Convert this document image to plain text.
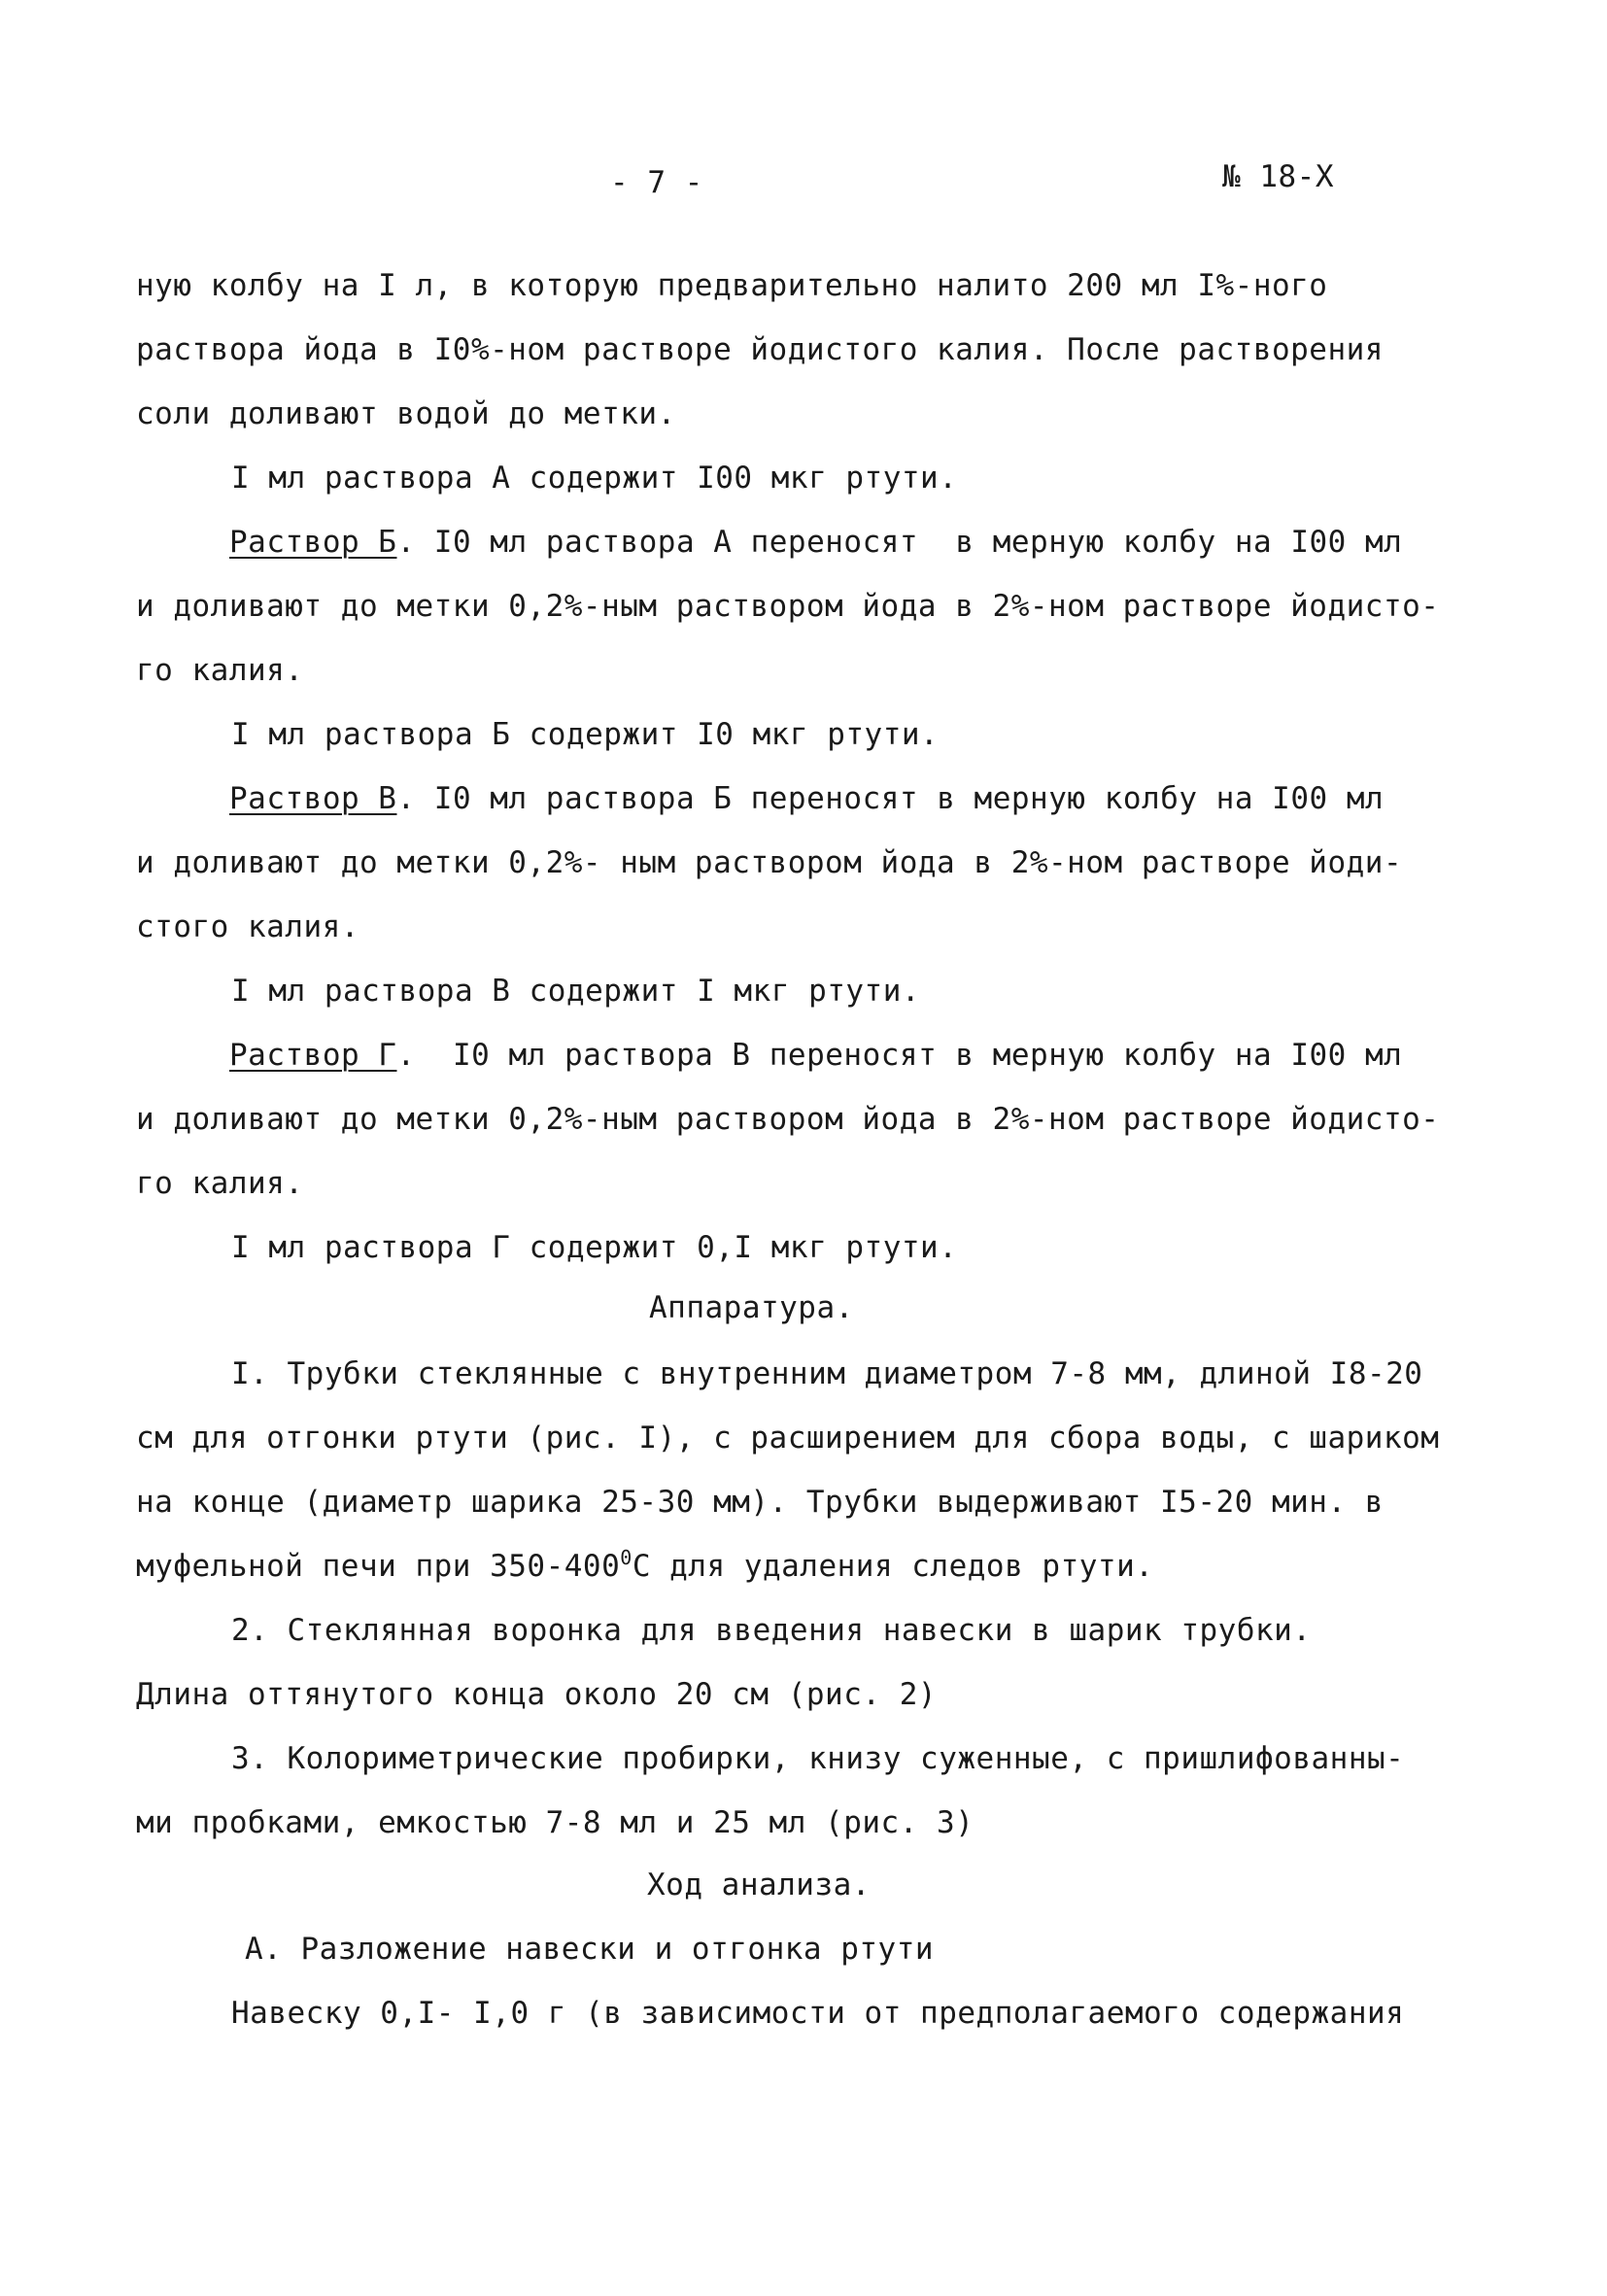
- 7 -	№ 18-Х
ную колбу на I л, в которую предварительно налито 200 мл I%-ного
раствора йода в I0%-ном растворе йодистого калия. После растворения
соли доливают водой до метки.
I мл раствора А содержит I00 мкг ртути.
Раствор Б. I0 мл раствора А переносят  в мерную колбу на I00 мл
и доливают до метки 0,2%-ным раствором йода в 2%-ном растворе йодисто-
го калия.
I мл раствора Б содержит I0 мкг ртути.
Раствор В. I0 мл раствора Б переносят в мерную колбу на I00 мл
и доливают до метки 0,2%- ным раствором йода в 2%-ном растворе йоди-
стого калия.
I мл раствора В содержит I мкг ртути.
Раствор Г.  I0 мл раствора В переносят в мерную колбу на I00 мл
и доливают до метки 0,2%-ным раствором йода в 2%-ном растворе йодисто-
го калия.
I мл раствора Г содержит 0,I мкг ртути.
Аппаратура.
I. Трубки стеклянные с внутренним диаметром 7-8 мм, длиной I8-20
см для отгонки ртути (рис. I), с расширением для сбора воды, с шариком
на конце (диаметр шарика 25-30 мм). Трубки выдерживают I5-20 мин. в
муфельной печи при $350-400^0С$ для удаления следов ртути.
2. Стеклянная воронка для введения навески в шарик трубки.
Длина оттянутого конца около 20 см (рис. 2)
3. Колориметрические пробирки, книзу суженные, с пришлифованны-
ми пробками, емкостью 7-8 мл и 25 мл (рис. 3)
Ход анализа.
А. Разложение навески и отгонка ртути
Навеску 0,I- I,0 г (в зависимости от предполагаемого содержания
